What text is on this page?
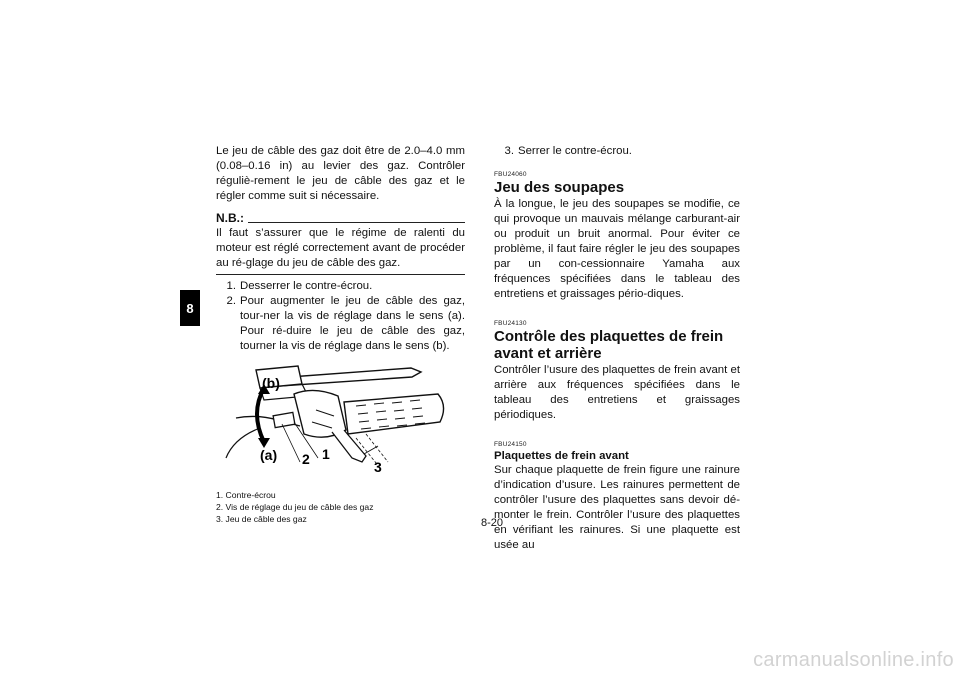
8

Le jeu de câble des gaz doit être de 2.0–4.0 mm (0.08–0.16 in) au levier des gaz. Contrôler réguliè-rement le jeu de câble des gaz et le régler comme suit si nécessaire.

N.B.:

Il faut s’assurer que le régime de ralenti du moteur est réglé correctement avant de procéder au ré-glage du jeu de câble des gaz.

1. Desserrer le contre-écrou.
2. Pour augmenter le jeu de câble des gaz, tour-ner la vis de réglage dans le sens (a). Pour ré-duire le jeu de câble des gaz, tourner la vis de réglage dans le sens (b).
(b)
(a) 2 1
3
1. Contre-écrou
2. Vis de réglage du jeu de câble des gaz
3. Jeu de câble des gaz
3. Serrer le contre-écrou.
FBU24060
Jeu des soupapes

À la longue, le jeu des soupapes se modifie, ce qui provoque un mauvais mélange carburant-air ou produit un bruit anormal. Pour éviter ce problème, il faut faire régler le jeu des soupapes par un con-cessionnaire Yamaha aux fréquences spécifiées dans le tableau des entretiens et graissages pério-diques.

FBU24130
Contrôle des plaquettes de frein avant et arrière

Contrôler l’usure des plaquettes de frein avant et arrière aux fréquences spécifiées dans le tableau des entretiens et graissages périodiques.

FBU24150
Plaquettes de frein avant

Sur chaque plaquette de frein figure une rainure d’indication d’usure. Les rainures permettent de contrôler l’usure des plaquettes sans devoir dé-monter le frein. Contrôler l’usure des plaquettes en vérifiant les rainures. Si une plaquette est usée au

8-20
carmanualsonline.info
